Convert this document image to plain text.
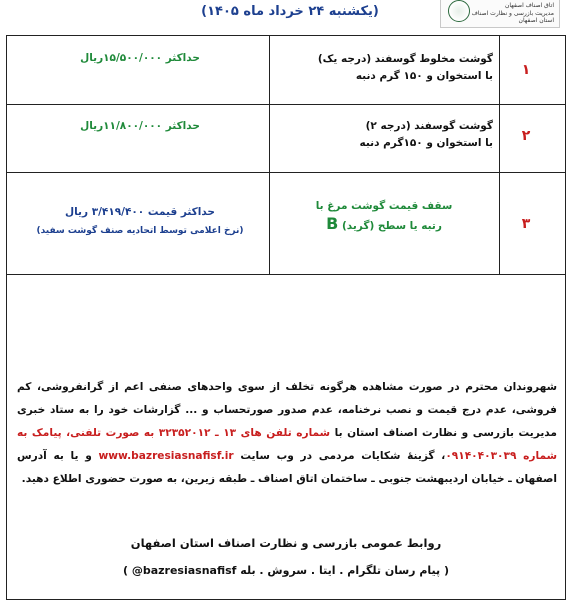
(یکشنبه ۲۴ خرداد ماه ۱۴۰۵)	اتاق اصناف اصفهان
مدیریت بازرسی و نظارت اصناف
استان اصفهان
۱
گوشت مخلوط گوسفند (درجه یک)
با استخوان و ۱۵۰ گرم دنبه
حداکثر ۱۵/۵۰۰/۰۰۰ریال
۲
گوشت گوسفند (درجه ۲)
با استخوان و ۱۵۰گرم دنبه
حداکثر ۱۱/۸۰۰/۰۰۰ریال
۳
سقف قیمت گوشت مرغ با
رتبه یا سطح (گرید) B
حداکثر قیمت ۳/۴۱۹/۴۰۰ ریال
(نرخ اعلامی توسط اتحادیه صنف گوشت سفید)
شهروندان محترم در صورت مشاهده هرگونه تخلف از سوی واحدهای صنفی اعم از گرانفروشی، کم فروشی، عدم درج قیمت و نصب نرخنامه، عدم صدور صورتحساب و ... گزارشات خود را به ستاد خبری مدیریت بازرسی و نظارت اصناف استان با شماره تلفن های ۱۳ ـ ۳۲۳۵۲۰۱۲ به صورت تلفنی، پیامک به شماره ۰۹۱۴۰۴۰۳۰۳۹، گزینهٔ شکایات مردمی در وب سایت www.bazresiasnafisf.ir و یا به آدرس اصفهان ـ خیابان اردیبهشت جنوبی ـ ساختمان اتاق اصناف ـ طبقه زیرین، به صورت حضوری اطلاع دهید.
روابط عمومی بازرسی و نظارت اصناف استان اصفهان
( پیام رسان تلگرام . ایتا . سروش . بله bazresiasnafisf@ )
